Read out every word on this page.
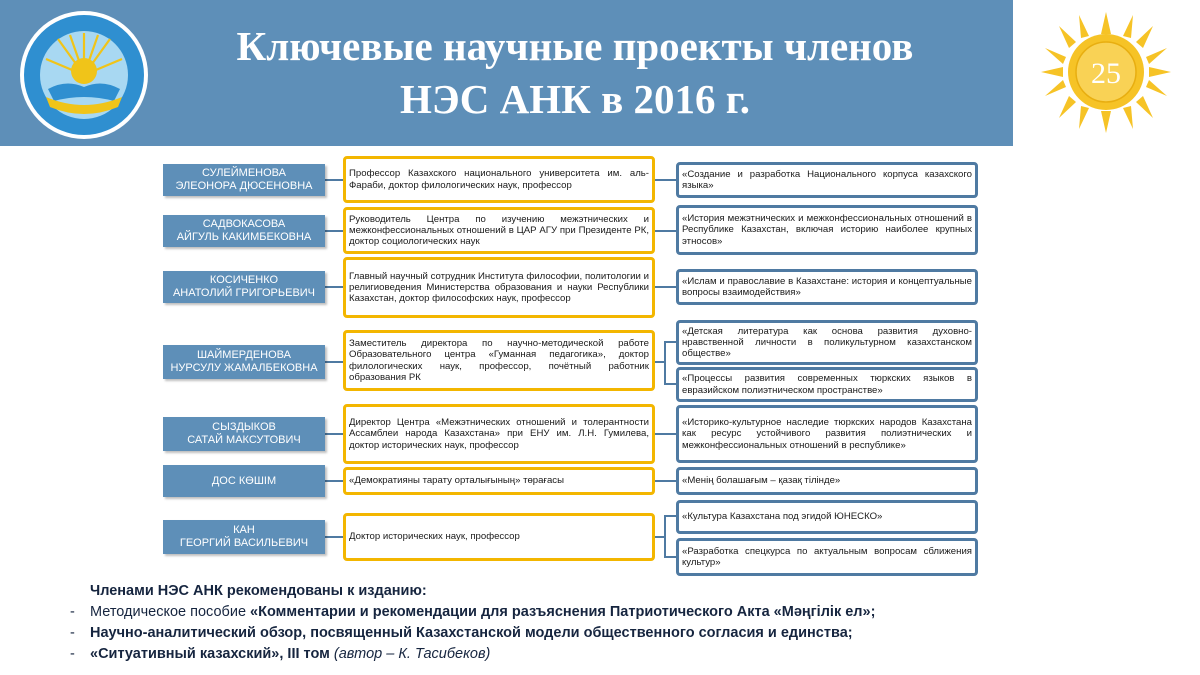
Ключевые научные проекты членов
НЭС АНК в 2016 г.
25
СУЛЕЙМЕНОВА
ЭЛЕОНОРА ДЮСЕНОВНА
Профессор Казахского национального университета им. аль-Фараби, доктор филологических наук, профессор
«Создание и разработка Национального корпуса казахского языка»
САДВОКАСОВА
АЙГУЛЬ КАКИМБЕКОВНА
Руководитель Центра по изучению межэтнических и межконфессиональных отношений в ЦАР АГУ при Президенте РК, доктор социологических наук
«История межэтнических и межконфессиональных отношений в Республике Казахстан, включая историю наиболее крупных этносов»
КОСИЧЕНКО
АНАТОЛИЙ ГРИГОРЬЕВИЧ
Главный научный сотрудник Института философии, политологии и религиоведения Министерства образования и науки Республики Казахстан, доктор философских наук, профессор
«Ислам и православие в Казахстане: история и концептуальные вопросы взаимодействия»
ШАЙМЕРДЕНОВА
НУРСУЛУ ЖАМАЛБЕКОВНА
Заместитель директора по научно-методической работе Образовательного центра «Гуманная педагогика», доктор филологических наук, профессор, почётный работник образования РК
«Детская литература как основа развития духовно-нравственной личности в поликультурном казахстанском обществе»
«Процессы развития современных тюркских языков в евразийском полиэтническом пространстве»
СЫЗДЫКОВ
САТАЙ МАКСУТОВИЧ
Директор Центра «Межэтнических отношений и толерантности Ассамблеи народа Казахстана» при ЕНУ им. Л.Н. Гумилева, доктор исторических наук, профессор
«Историко-культурное наследие тюркских народов Казахстана как ресурс устойчивого развития полиэтнических и межконфессиональных отношений в республике»
ДОС КӨШІМ	«Демократияны тарату орталығының» төрағасы	«Менің болашағым – қазақ тілінде»
КАН
ГЕОРГИЙ ВАСИЛЬЕВИЧ
Доктор исторических наук, профессор
«Культура Казахстана под эгидой ЮНЕСКО»
«Разработка спецкурса по актуальным вопросам сближения культур»
Членами НЭС АНК рекомендованы к изданию:
- Методическое пособие «Комментарии и рекомендации для разъяснения Патриотического Акта «Мәңгілік ел»;
- Научно-аналитический обзор, посвященный Казахстанской модели общественного согласия и единства;
- «Ситуативный казахский», III том (автор – К. Тасибеков)
